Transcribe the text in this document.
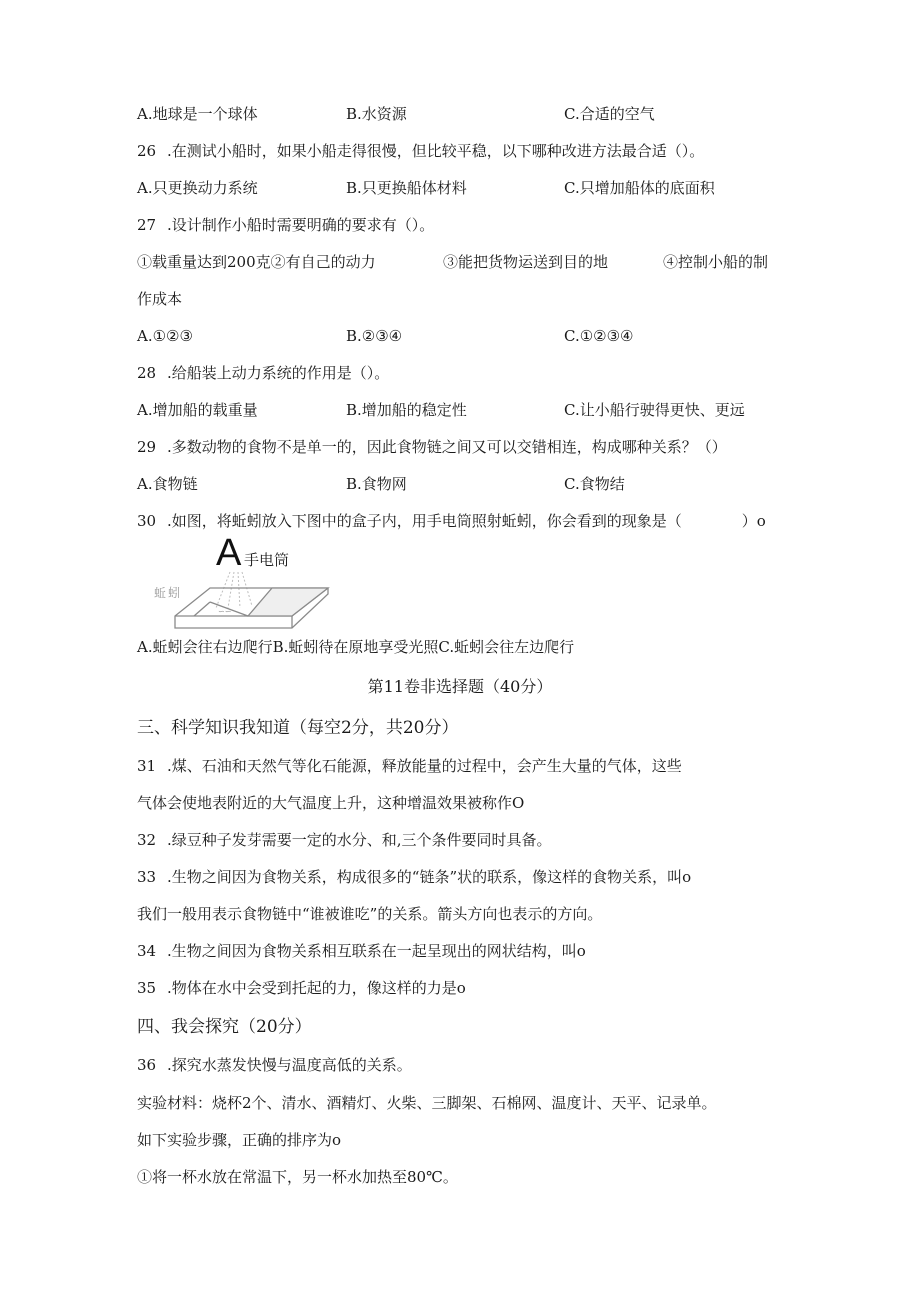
A.地球是一个球体	B.水资源	C.合适的空气
26 .在测试小船时，如果小船走得很慢，但比较平稳，以下哪种改进方法最合适（）。
A.只更换动力系统	B.只更换船体材料	C.只增加船体的底面积
27 .设计制作小船时需要明确的要求有（）。
①载重量达到200克②有自己的动力	③能把货物运送到目的地	④控制小船的制
作成本
A.①②③	B.②③④	C.①②③④
28 .给船装上动力系统的作用是（）。
A.增加船的载重量	B.增加船的稳定性	C.让小船行驶得更快、更远
29 .多数动物的食物不是单一的，因此食物链之间又可以交错相连，构成哪种关系？（）
A.食物链	B.食物网	C.食物结
30 .如图，将蚯蚓放入下图中的盒子内，用手电筒照射蚯蚓，你会看到的现象是（	）o
A 手电筒
蚯蚓
∽∽
A.蚯蚓会往右边爬行B.蚯蚓待在原地享受光照C.蚯蚓会往左边爬行
第11卷非选择题（40分）
三、科学知识我知道（每空2分，共20分）
31 .煤、石油和天然气等化石能源，释放能量的过程中，会产生大量的气体，这些
气体会使地表附近的大气温度上升，这种增温效果被称作O
32 .绿豆种子发芽需要一定的水分、和,三个条件要同时具备。
33 .生物之间因为食物关系，构成很多的“链条”状的联系，像这样的食物关系，叫o
我们一般用表示食物链中“谁被谁吃”的关系。箭头方向也表示的方向。
34 .生物之间因为食物关系相互联系在一起呈现出的网状结构，叫o
35 .物体在水中会受到托起的力，像这样的力是o
四、我会探究（20分）
36 .探究水蒸发快慢与温度高低的关系。
实验材料：烧杯2个、清水、酒精灯、火柴、三脚架、石棉网、温度计、天平、记录单。
如下实验步骤，正确的排序为o
①将一杯水放在常温下，另一杯水加热至80℃。
